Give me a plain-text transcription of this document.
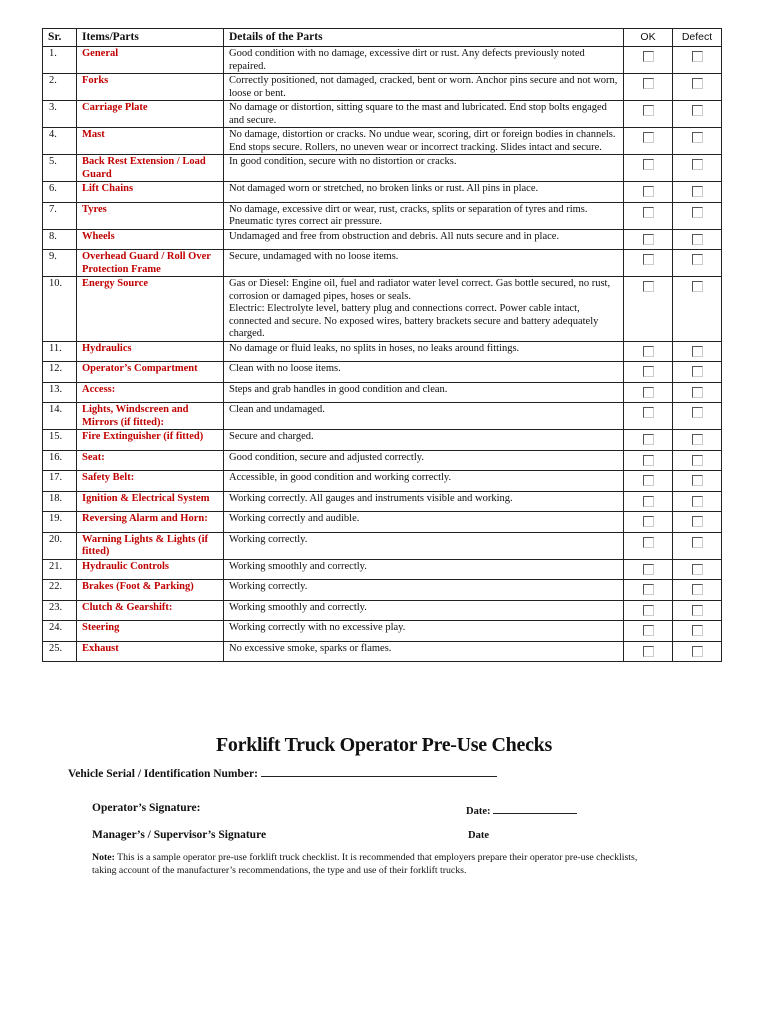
Sr.	Items/Parts	Details of the Parts	OK	Defect
1.	General	Good condition with no damage, excessive dirt or rust. Any defects previously noted repaired.		
2.	Forks	Correctly positioned, not damaged, cracked, bent or worn. Anchor pins secure and not worn, loose or bent.		
3.	Carriage Plate	No damage or distortion, sitting square to the mast and lubricated. End stop bolts engaged and secure.		
4.	Mast	No damage, distortion or cracks. No undue wear, scoring, dirt or foreign bodies in channels. End stops secure. Rollers, no uneven wear or incorrect tracking. Slides intact and secure.		
5.	Back Rest Extension / Load Guard	In good condition, secure with no distortion or cracks.		
6.	Lift Chains	Not damaged worn or stretched, no broken links or rust. All pins in place.		
7.	Tyres	No damage, excessive dirt or wear, rust, cracks, splits or separation of tyres and rims. Pneumatic tyres correct air pressure.		
8.	Wheels	Undamaged and free from obstruction and debris. All nuts secure and in place.		
9.	Overhead Guard / Roll Over Protection Frame	Secure, undamaged with no loose items.		
10.	Energy Source	Gas or Diesel: Engine oil, fuel and radiator water level correct. Gas bottle secured, no rust, corrosion or damaged pipes, hoses or seals.
Electric: Electrolyte level, battery plug and connections correct. Power cable intact, connected and secure. No exposed wires, battery brackets secure and battery adequately charged.		
11.	Hydraulics	No damage or fluid leaks, no splits in hoses, no leaks around fittings.		
12.	Operator’s Compartment	Clean with no loose items.		
13.	Access:	Steps and grab handles in good condition and clean.		
14.	Lights, Windscreen and Mirrors (if fitted):	Clean and undamaged.		
15.	Fire Extinguisher (if fitted)	Secure and charged.		
16.	Seat:	Good condition, secure and adjusted correctly.		
17.	Safety Belt:	Accessible, in good condition and working correctly.		
18.	Ignition & Electrical System	Working correctly. All gauges and instruments visible and working.		
19.	Reversing Alarm and Horn:	Working correctly and audible.		
20.	Warning Lights & Lights (if fitted)	Working correctly.		
21.	Hydraulic Controls	Working smoothly and correctly.		
22.	Brakes (Foot & Parking)	Working correctly.		
23.	Clutch & Gearshift:	Working smoothly and correctly.		
24.	Steering	Working correctly with no excessive play.		
25.	Exhaust	No excessive smoke, sparks or flames.		
Forklift Truck Operator Pre-Use Checks
Vehicle Serial / Identification Number:
Operator’s Signature:	Date:
Manager’s / Supervisor’s Signature	Date
Note: This is a sample operator pre-use forklift truck checklist. It is recommended that employers prepare their operator pre-use checklists, taking account of the manufacturer’s recommendations, the type and use of their forklift trucks.
